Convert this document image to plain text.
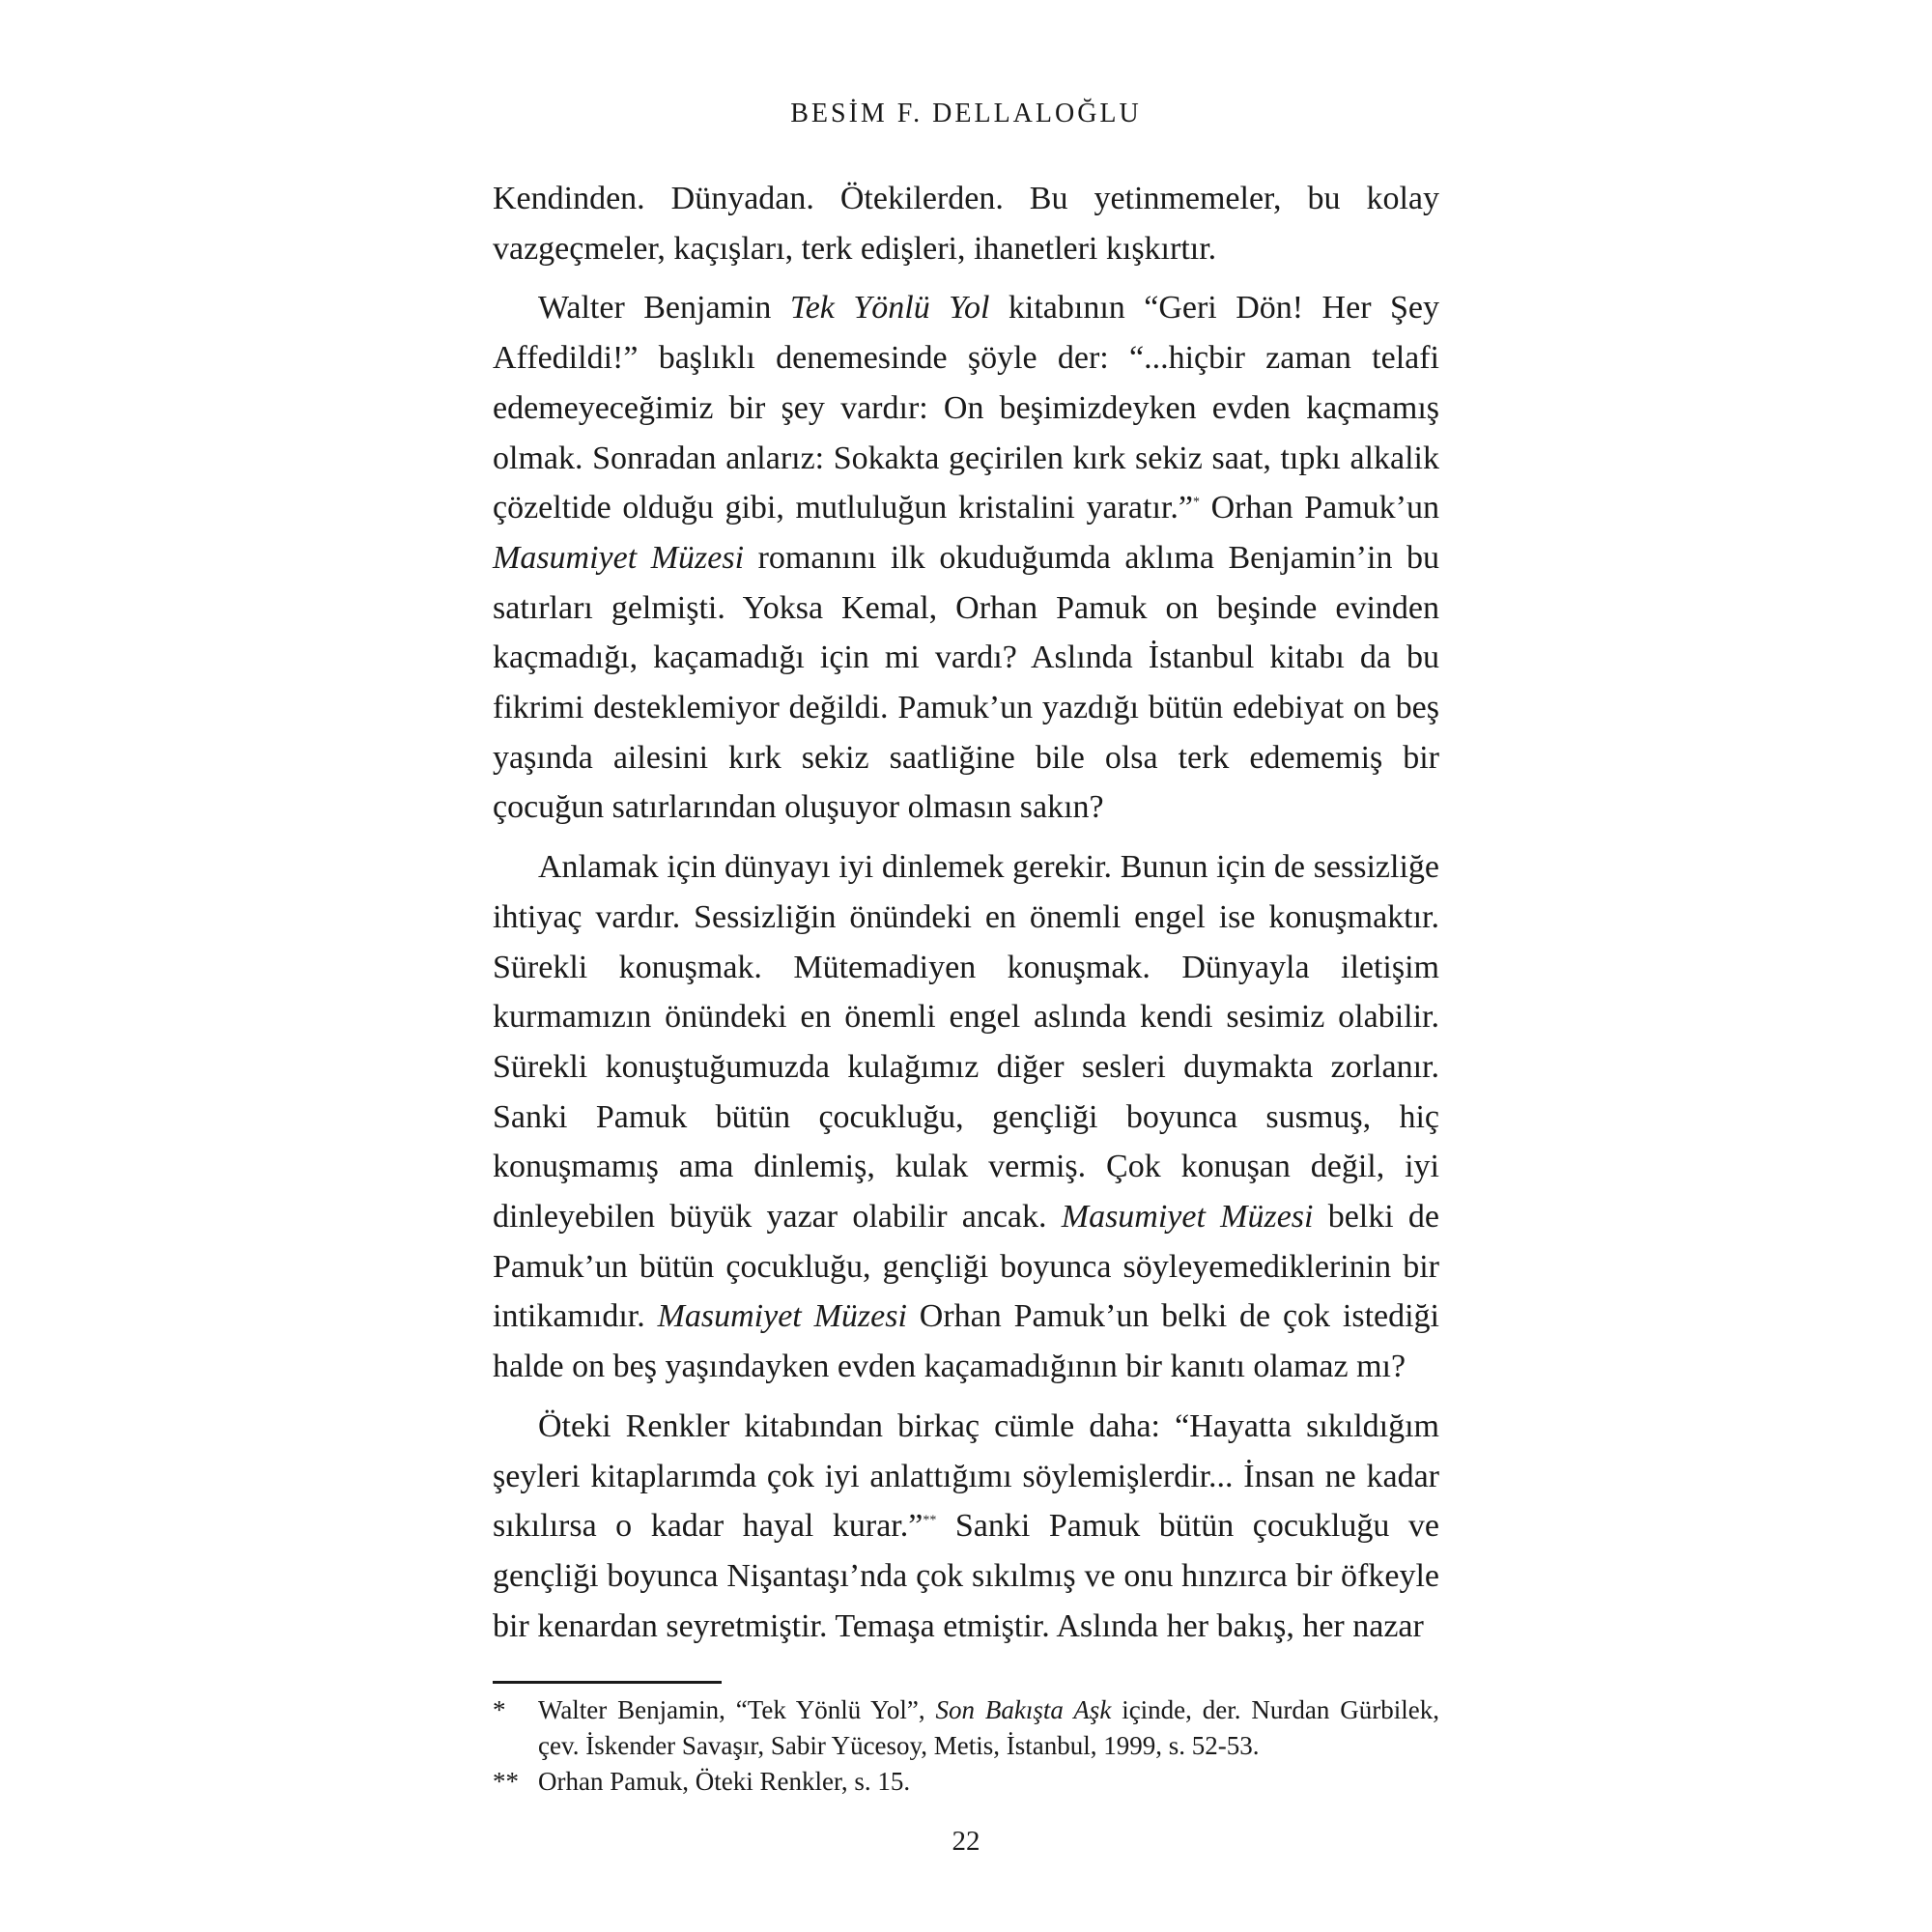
BESİM F. DELLALOĞLU

Kendinden. Dünyadan. Ötekilerden. Bu yetinmemeler, bu kolay vazgeçmeler, kaçışları, terk edişleri, ihanetleri kışkırtır.

Walter Benjamin Tek Yönlü Yol kitabının “Geri Dön! Her Şey Affedildi!” başlıklı denemesinde şöyle der: “...hiçbir zaman telafi edemeyeceğimiz bir şey vardır: On beşimizdeyken evden kaçmamış olmak. Sonradan anlarız: Sokakta geçirilen kırk sekiz saat, tıpkı alkalik çözeltide olduğu gibi, mutluluğun kristalini yaratır.”* Orhan Pamuk’un Masumiyet Müzesi romanını ilk okuduğumda aklıma Benjamin’in bu satırları gelmişti. Yoksa Kemal, Orhan Pamuk on beşinde evinden kaçmadığı, kaçamadığı için mi vardı? Aslında İstanbul kitabı da bu fikrimi desteklemiyor değildi. Pamuk’un yazdığı bütün edebiyat on beş yaşında ailesini kırk sekiz saatliğine bile olsa terk edememiş bir çocuğun satırlarından oluşuyor olmasın sakın?

Anlamak için dünyayı iyi dinlemek gerekir. Bunun için de sessizliğe ihtiyaç vardır. Sessizliğin önündeki en önemli engel ise konuşmaktır. Sürekli konuşmak. Mütemadiyen konuşmak. Dünyayla iletişim kurmamızın önündeki en önemli engel aslında kendi sesimiz olabilir. Sürekli konuştuğumuzda kulağımız diğer sesleri duymakta zorlanır. Sanki Pamuk bütün çocukluğu, gençliği boyunca susmuş, hiç konuşmamış ama dinlemiş, kulak vermiş. Çok konuşan değil, iyi dinleyebilen büyük yazar olabilir ancak. Masumiyet Müzesi belki de Pamuk’un bütün çocukluğu, gençliği boyunca söyleyemediklerinin bir intikamıdır. Masumiyet Müzesi Orhan Pamuk’un belki de çok istediği halde on beş yaşındayken evden kaçamadığının bir kanıtı olamaz mı?

Öteki Renkler kitabından birkaç cümle daha: “Hayatta sıkıldığım şeyleri kitaplarımda çok iyi anlattığımı söylemişlerdir... İnsan ne kadar sıkılırsa o kadar hayal kurar.”** Sanki Pamuk bütün çocukluğu ve gençliği boyunca Nişantaşı’nda çok sıkılmış ve onu hınzırca bir öfkeyle bir kenardan seyretmiştir. Temaşa etmiştir. Aslında her bakış, her nazar

*	Walter Benjamin, “Tek Yönlü Yol”, Son Bakışta Aşk içinde, der. Nurdan Gürbilek, çev. İskender Savaşır, Sabir Yücesoy, Metis, İstanbul, 1999, s. 52-53.
** Orhan Pamuk, Öteki Renkler, s. 15.
22
